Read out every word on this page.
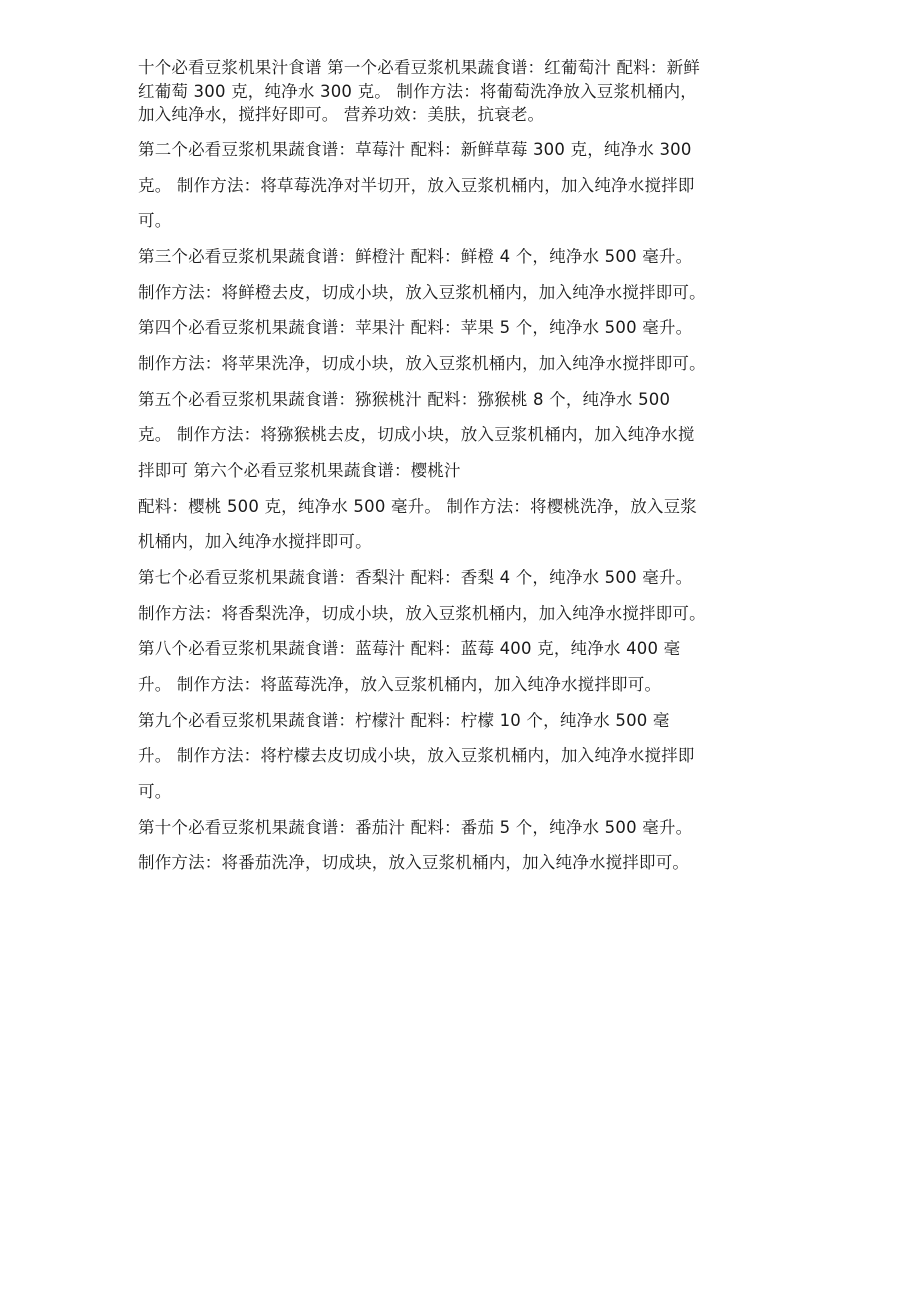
十个必看豆浆机果汁食谱 第一个必看豆浆机果蔬食谱：红葡萄汁 配料：新鲜

红葡萄 300 克，纯净水 300 克。 制作方法：将葡萄洗净放入豆浆机桶内，

加入纯净水，搅拌好即可。 营养功效：美肤，抗衰老。

第二个必看豆浆机果蔬食谱：草莓汁 配料：新鲜草莓 300 克，纯净水 300

克。 制作方法：将草莓洗净对半切开，放入豆浆机桶内，加入纯净水搅拌即

可。

第三个必看豆浆机果蔬食谱：鲜橙汁 配料：鲜橙 4 个，纯净水 500 毫升。

制作方法：将鲜橙去皮，切成小块，放入豆浆机桶内，加入纯净水搅拌即可。

第四个必看豆浆机果蔬食谱：苹果汁 配料：苹果 5 个，纯净水 500 毫升。

制作方法：将苹果洗净，切成小块，放入豆浆机桶内，加入纯净水搅拌即可。

第五个必看豆浆机果蔬食谱：猕猴桃汁 配料：猕猴桃 8 个，纯净水 500

克。 制作方法：将猕猴桃去皮，切成小块，放入豆浆机桶内，加入纯净水搅

拌即可 第六个必看豆浆机果蔬食谱：樱桃汁

配料：樱桃 500 克，纯净水 500 毫升。 制作方法：将樱桃洗净，放入豆浆

机桶内，加入纯净水搅拌即可。

第七个必看豆浆机果蔬食谱：香梨汁 配料：香梨 4 个，纯净水 500 毫升。

制作方法：将香梨洗净，切成小块，放入豆浆机桶内，加入纯净水搅拌即可。

第八个必看豆浆机果蔬食谱：蓝莓汁 配料：蓝莓 400 克，纯净水 400 毫

升。 制作方法：将蓝莓洗净，放入豆浆机桶内，加入纯净水搅拌即可。

第九个必看豆浆机果蔬食谱：柠檬汁 配料：柠檬 10 个，纯净水 500 毫

升。 制作方法：将柠檬去皮切成小块，放入豆浆机桶内，加入纯净水搅拌即

可。

第十个必看豆浆机果蔬食谱：番茄汁 配料：番茄 5 个，纯净水 500 毫升。

制作方法：将番茄洗净，切成块，放入豆浆机桶内，加入纯净水搅拌即可。
